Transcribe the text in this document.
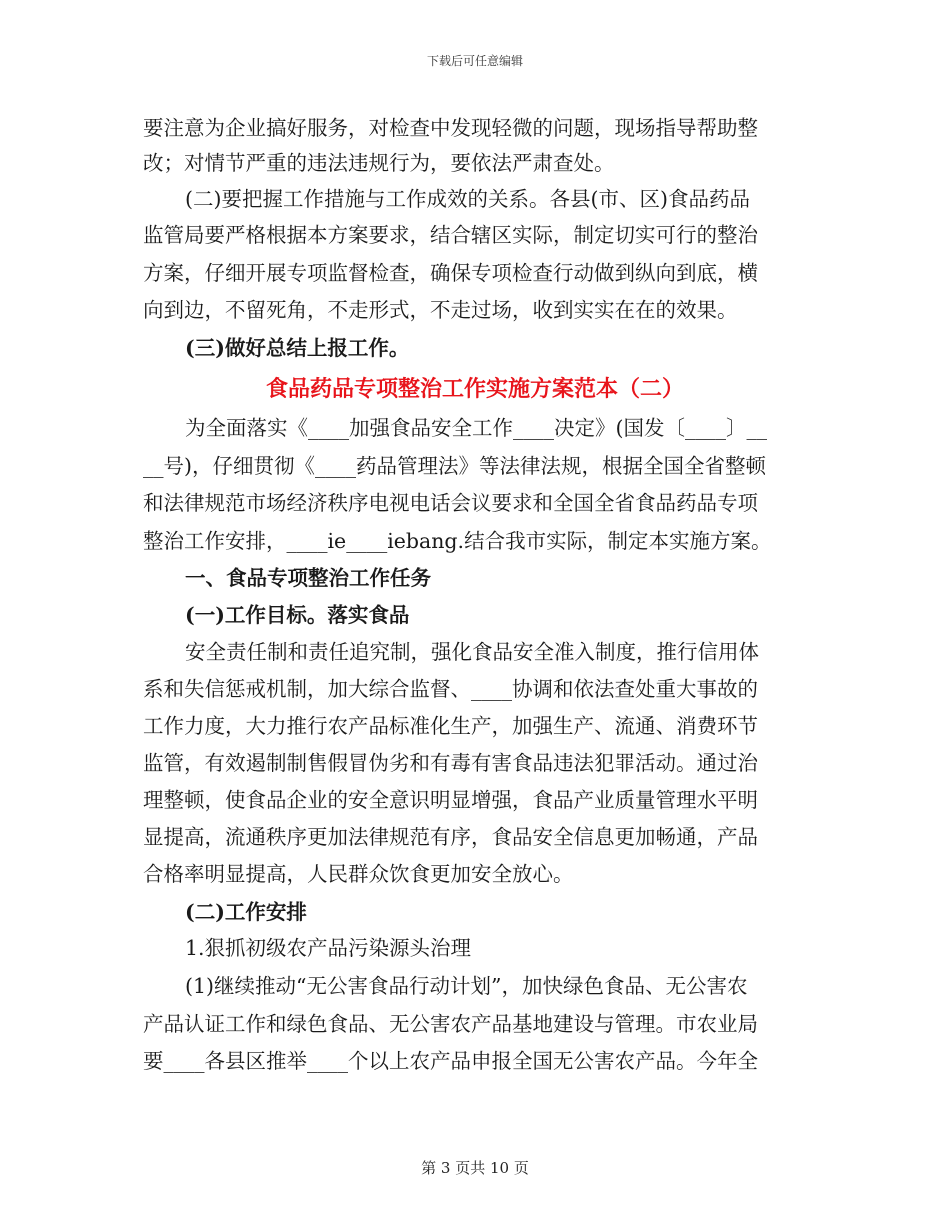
下载后可任意编辑
要注意为企业搞好服务，对检查中发现轻微的问题，现场指导帮助整
改；对情节严重的违法违规行为，要依法严肃查处。
(二)要把握工作措施与工作成效的关系。各县(市、区)食品药品
监管局要严格根据本方案要求，结合辖区实际，制定切实可行的整治
方案，仔细开展专项监督检查，确保专项检查行动做到纵向到底，横
向到边，不留死角，不走形式，不走过场，收到实实在在的效果。
(三)做好总结上报工作。
食品药品专项整治工作实施方案范本（二）
为全面落实《____加强食品安全工作____决定》(国发〔____〕__
__号)，仔细贯彻《____药品管理法》等法律法规，根据全国全省整顿
和法律规范市场经济秩序电视电话会议要求和全国全省食品药品专项
整治工作安排，____ie____iebang.结合我市实际，制定本实施方案。
一、食品专项整治工作任务
(一)工作目标。落实食品
安全责任制和责任追究制，强化食品安全准入制度，推行信用体
系和失信惩戒机制，加大综合监督、____协调和依法查处重大事故的
工作力度，大力推行农产品标准化生产，加强生产、流通、消费环节
监管，有效遏制制售假冒伪劣和有毒有害食品违法犯罪活动。通过治
理整顿，使食品企业的安全意识明显增强，食品产业质量管理水平明
显提高，流通秩序更加法律规范有序，食品安全信息更加畅通，产品
合格率明显提高，人民群众饮食更加安全放心。
(二)工作安排
1.狠抓初级农产品污染源头治理
(1)继续推动“无公害食品行动计划”，加快绿色食品、无公害农
产品认证工作和绿色食品、无公害农产品基地建设与管理。市农业局
要____各县区推举____个以上农产品申报全国无公害农产品。今年全
第 3 页共 10 页
